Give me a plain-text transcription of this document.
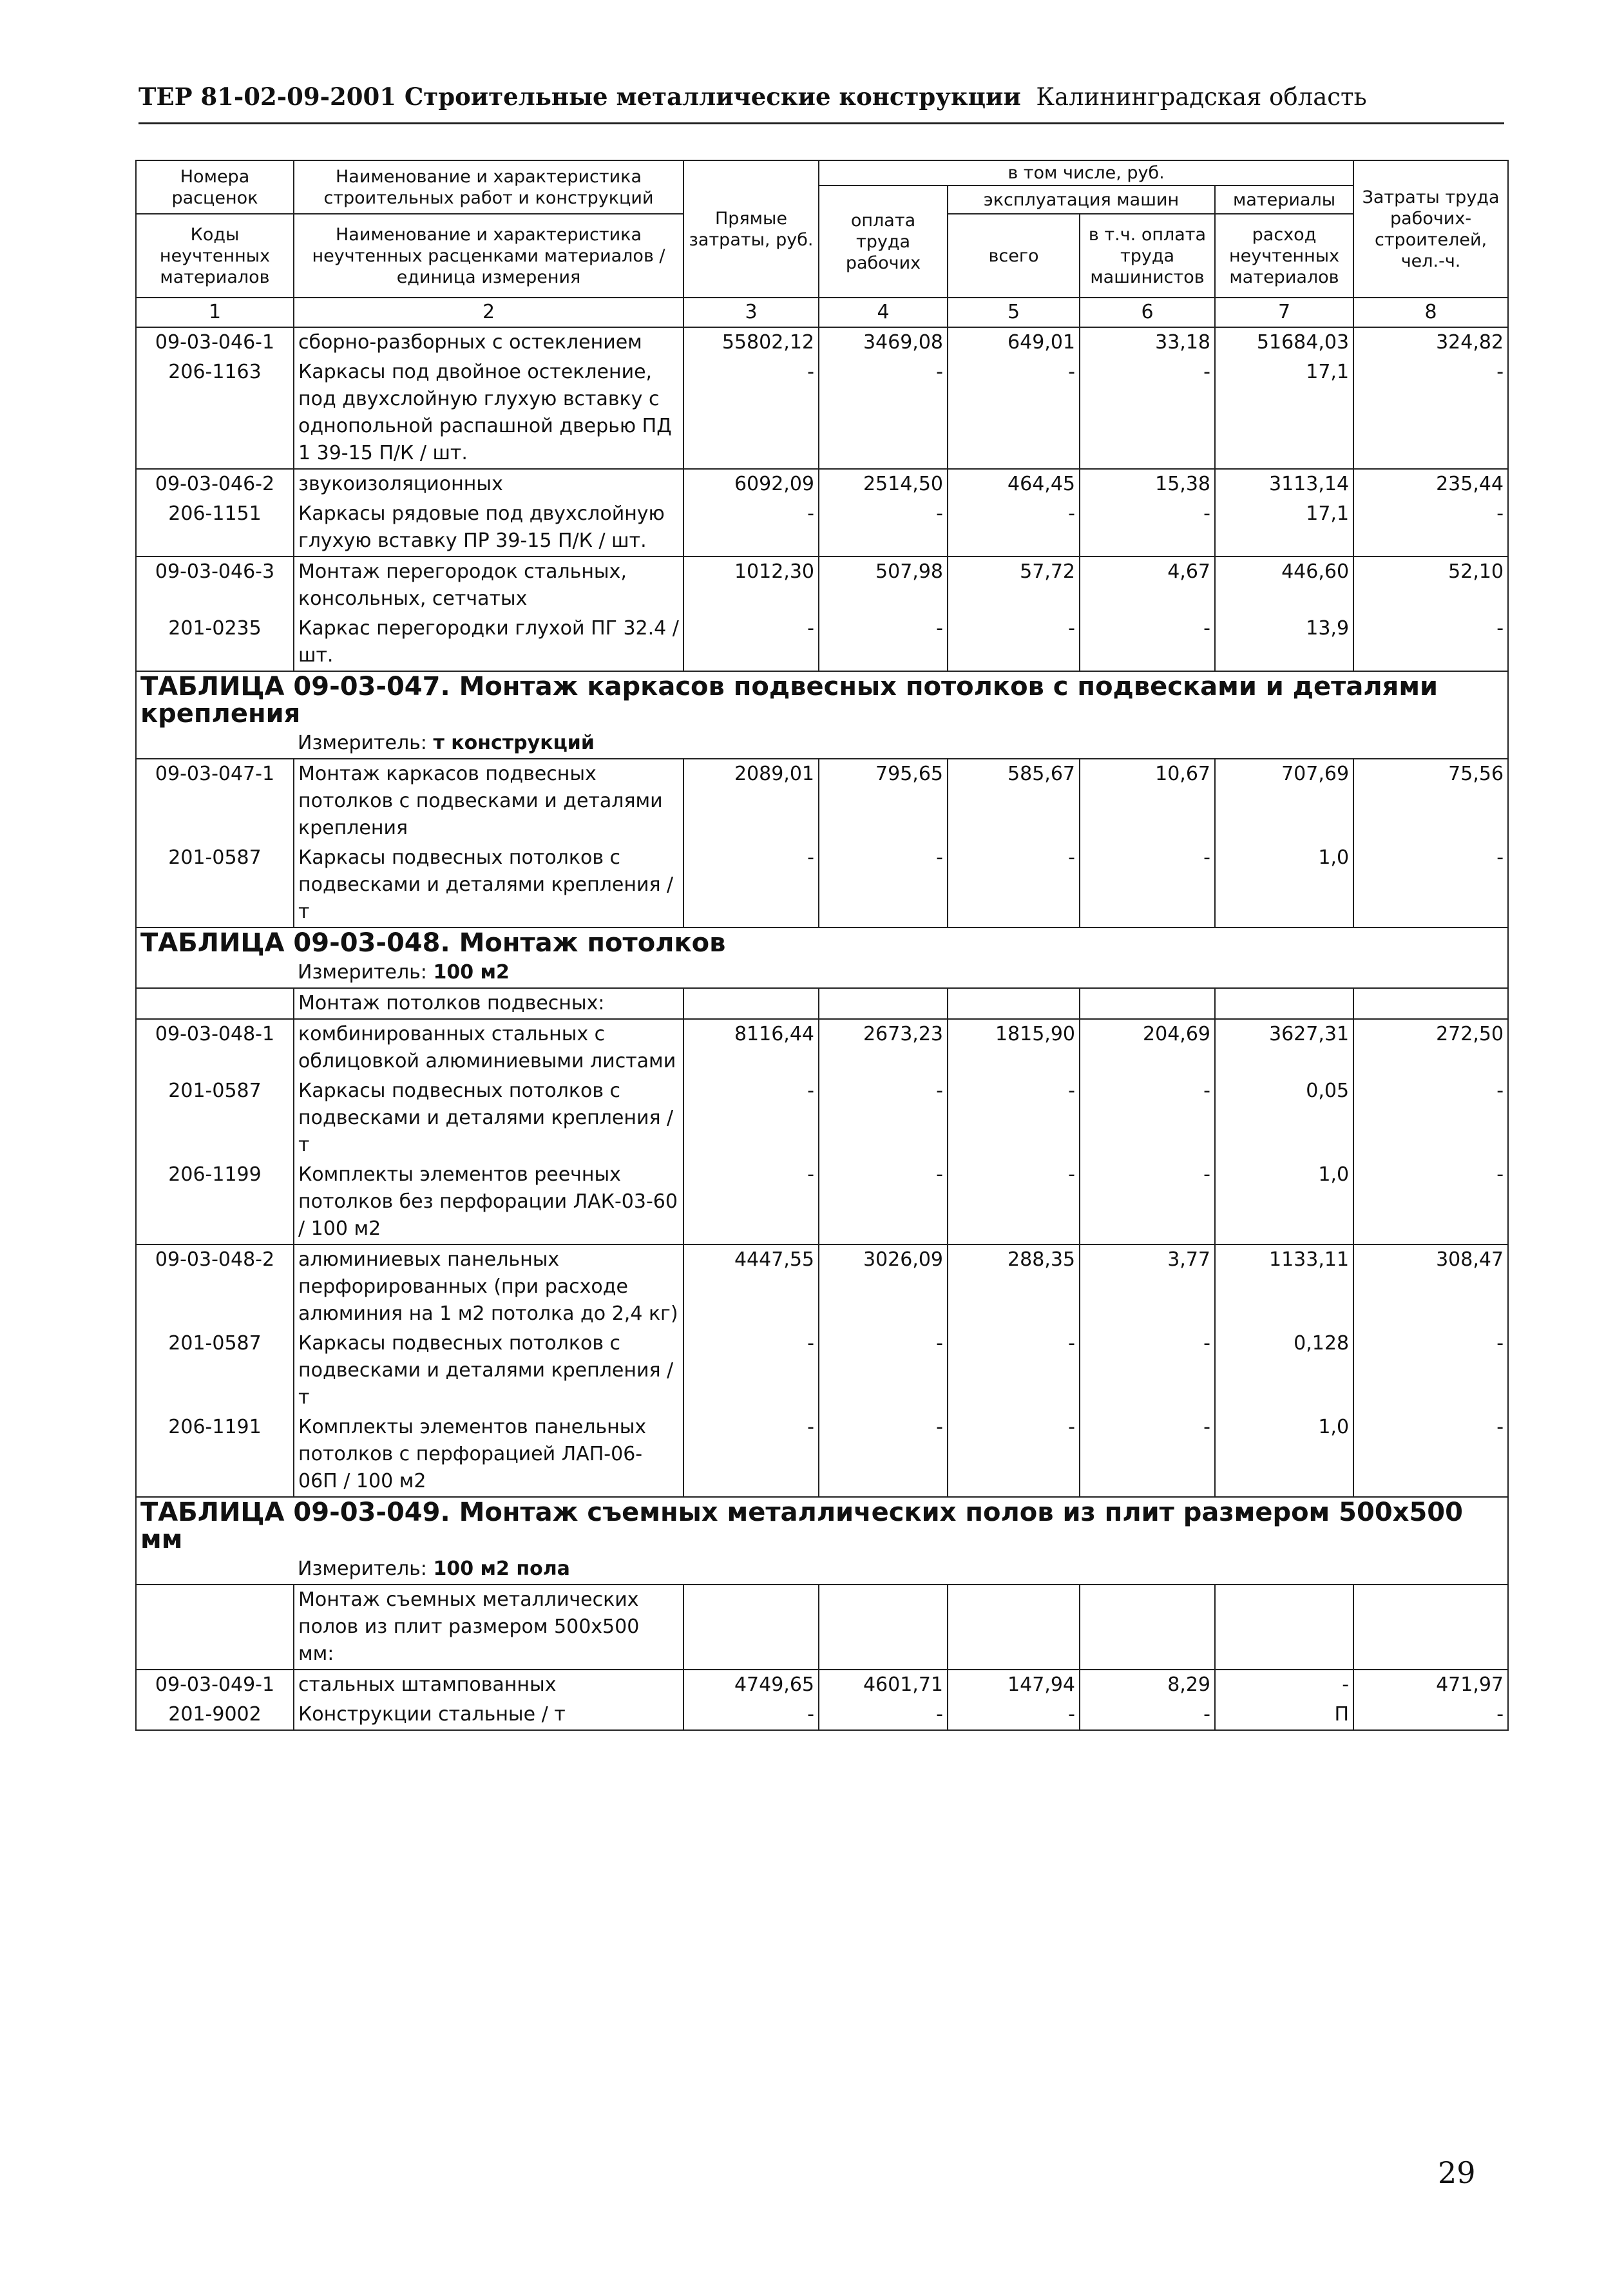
ТЕР 81-02-09-2001 Строительные металлические конструкции Калининградская область
Номера расценок	Наименование и характеристика строительных работ и конструкций	Прямые затраты, руб.	в том числе, руб.				Затраты труда рабочих-строителей, чел.-ч.
			оплата труда рабочих	эксплуатация машин		материалы	
Коды неучтенных материалов	Наименование и характеристика неучтенных расценками материалов / единица измерения			всего	в т.ч. оплата труда машинистов	расход неучтенных материалов	

1	2	3	4	5	6	7	8
09-03-046-1	сборно-разборных с остеклением	55802,12	3469,08	649,01	33,18	51684,03	324,82
206-1163	Каркасы под двойное остекление, под двухслойную глухую вставку с однопольной распашной дверью ПД 1 39-15 П/К / шт.	-	-	-	-	17,1	-
09-03-046-2	звукоизоляционных	6092,09	2514,50	464,45	15,38	3113,14	235,44
206-1151	Каркасы рядовые под двухслойную глухую вставку ПР 39-15 П/К / шт.	-	-	-	-	17,1	-
09-03-046-3	Монтаж перегородок стальных, консольных, сетчатых	1012,30	507,98	57,72	4,67	446,60	52,10
201-0235	Каркас перегородки глухой ПГ 32.4 / шт.	-	-	-	-	13,9	-
ТАБЛИЦА 09-03-047. Монтаж каркасов подвесных потолков с подвесками и деталями крепления							
	Измеритель: т конструкций						
09-03-047-1	Монтаж каркасов подвесных потолков с подвесками и деталями крепления	2089,01	795,65	585,67	10,67	707,69	75,56
201-0587	Каркасы подвесных потолков с подвесками и деталями крепления / т	-	-	-	-	1,0	-
ТАБЛИЦА 09-03-048. Монтаж потолков							
	Измеритель: 100 м2						
	Монтаж потолков подвесных:						
09-03-048-1	комбинированных стальных с облицовкой алюминиевыми листами	8116,44	2673,23	1815,90	204,69	3627,31	272,50
201-0587	Каркасы подвесных потолков с подвесками и деталями крепления / т	-	-	-	-	0,05	-
206-1199	Комплекты элементов реечных потолков без перфорации ЛАК-03-60 / 100 м2	-	-	-	-	1,0	-
09-03-048-2	алюминиевых панельных перфорированных (при расходе алюминия на 1 м2 потолка до 2,4 кг)	4447,55	3026,09	288,35	3,77	1133,11	308,47
201-0587	Каркасы подвесных потолков с подвесками и деталями крепления / т	-	-	-	-	0,128	-
206-1191	Комплекты элементов панельных потолков с перфорацией ЛАП-06-06П / 100 м2	-	-	-	-	1,0	-
ТАБЛИЦА 09-03-049. Монтаж съемных металлических полов из плит размером 500х500 мм							
	Измеритель: 100 м2 пола						
	Монтаж съемных металлических полов из плит размером 500х500 мм:						
09-03-049-1	стальных штампованных	4749,65	4601,71	147,94	8,29	-	471,97
201-9002	Конструкции стальные / т	-	-	-	-	П	-
29
